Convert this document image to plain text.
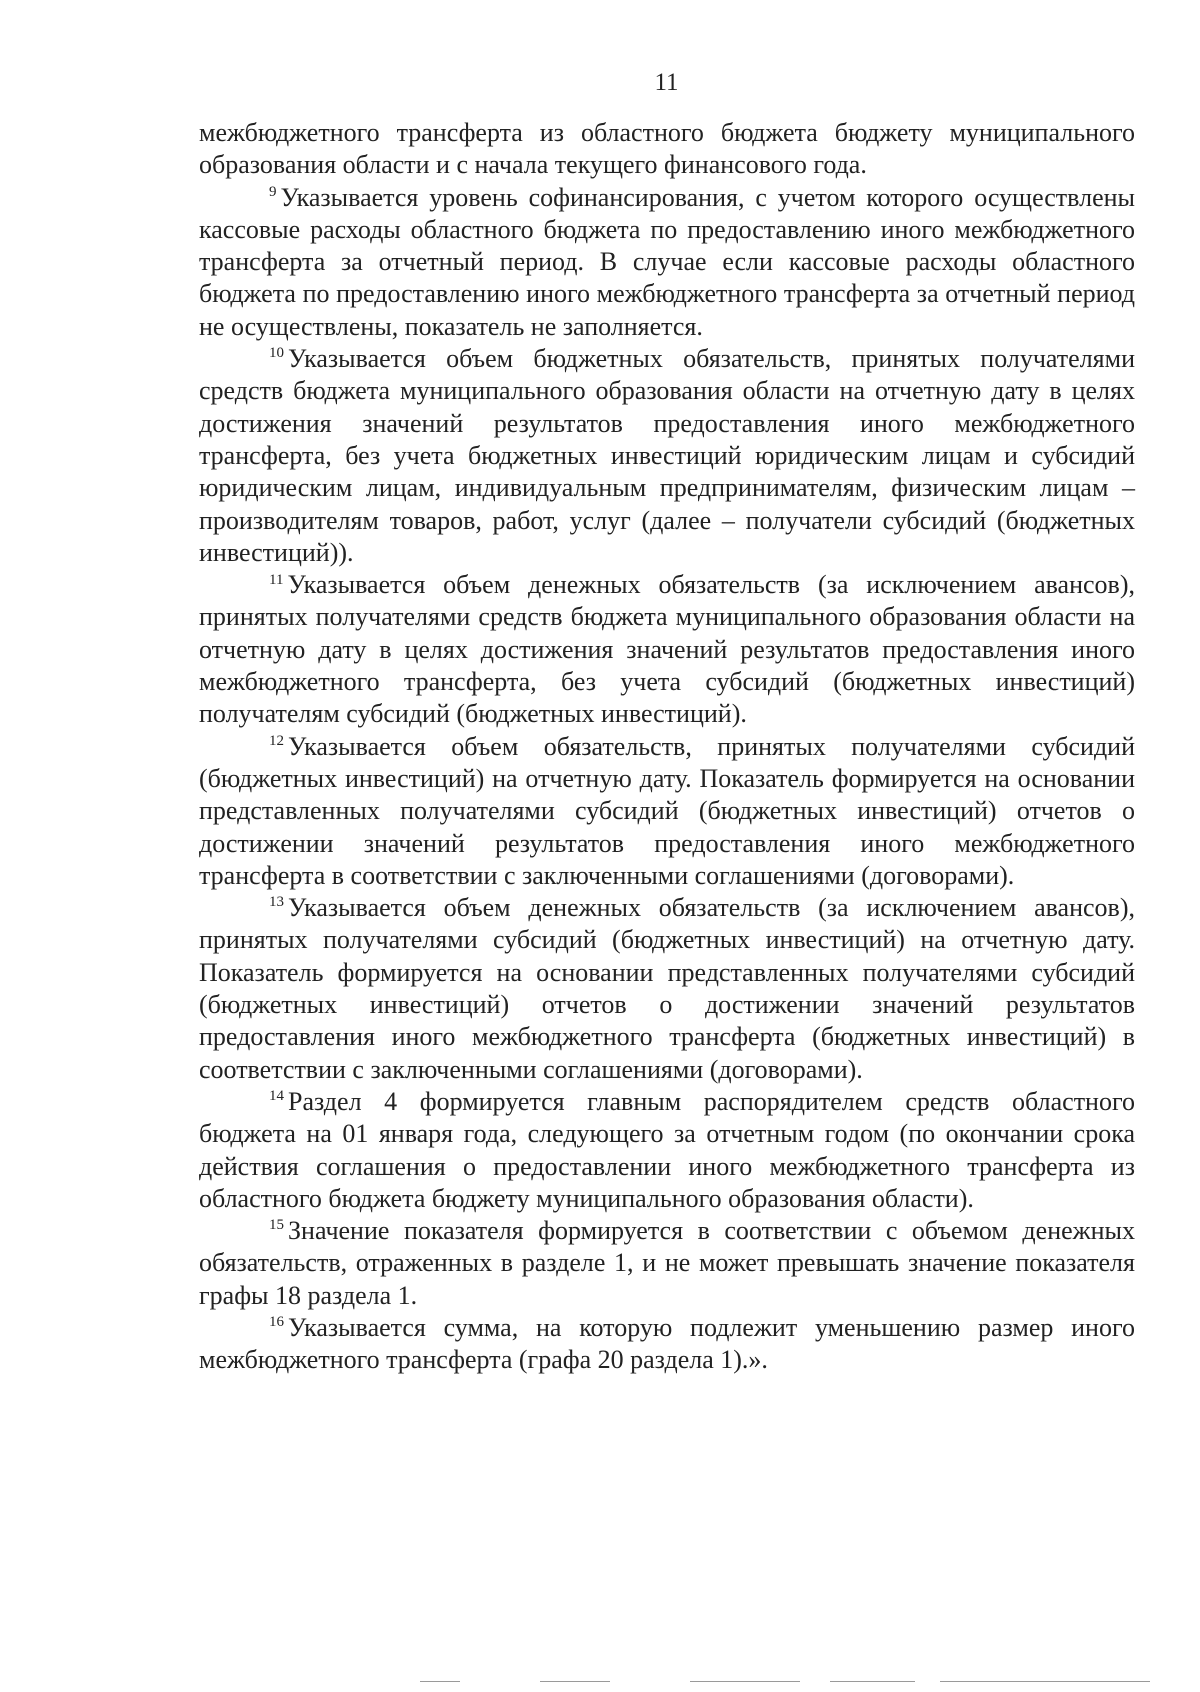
11

межбюджетного трансферта из областного бюджета бюджету муниципального образования области и с начала текущего финансового года.

$^9$ Указывается уровень софинансирования, с учетом которого осуществлены кассовые расходы областного бюджета по предоставлению иного межбюджетного трансферта за отчетный период. В случае если кассовые расходы областного бюджета по предоставлению иного межбюджетного трансферта за отчетный период не осуществлены, показатель не заполняется.

$^{10}$ Указывается объем бюджетных обязательств, принятых получателями средств бюджета муниципального образования области на отчетную дату в целях достижения значений результатов предоставления иного межбюджетного трансферта, без учета бюджетных инвестиций юридическим лицам и субсидий юридическим лицам, индивидуальным предпринимателям, физическим лицам – производителям товаров, работ, услуг (далее – получатели субсидий (бюджетных инвестиций)).

$^{11}$ Указывается объем денежных обязательств (за исключением авансов), принятых получателями средств бюджета муниципального образования области на отчетную дату в целях достижения значений результатов предоставления иного межбюджетного трансферта, без учета субсидий (бюджетных инвестиций) получателям субсидий (бюджетных инвестиций).

$^{12}$ Указывается объем обязательств, принятых получателями субсидий (бюджетных инвестиций) на отчетную дату. Показатель формируется на основании представленных получателями субсидий (бюджетных инвестиций) отчетов о достижении значений результатов предоставления иного межбюджетного трансферта в соответствии с заключенными соглашениями (договорами).

$^{13}$ Указывается объем денежных обязательств (за исключением авансов), принятых получателями субсидий (бюджетных инвестиций) на отчетную дату. Показатель формируется на основании представленных получателями субсидий (бюджетных инвестиций) отчетов о достижении значений результатов предоставления иного межбюджетного трансферта (бюджетных инвестиций) в соответствии с заключенными соглашениями (договорами).

$^{14}$ Раздел 4 формируется главным распорядителем средств областного бюджета на 01 января года, следующего за отчетным годом (по окончании срока действия соглашения о предоставлении иного межбюджетного трансферта из областного бюджета бюджету муниципального образования области).

$^{15}$ Значение показателя формируется в соответствии с объемом денежных обязательств, отраженных в разделе 1, и не может превышать значение показателя графы 18 раздела 1.

$^{16}$ Указывается сумма, на которую подлежит уменьшению размер иного межбюджетного трансферта (графа 20 раздела 1).».
